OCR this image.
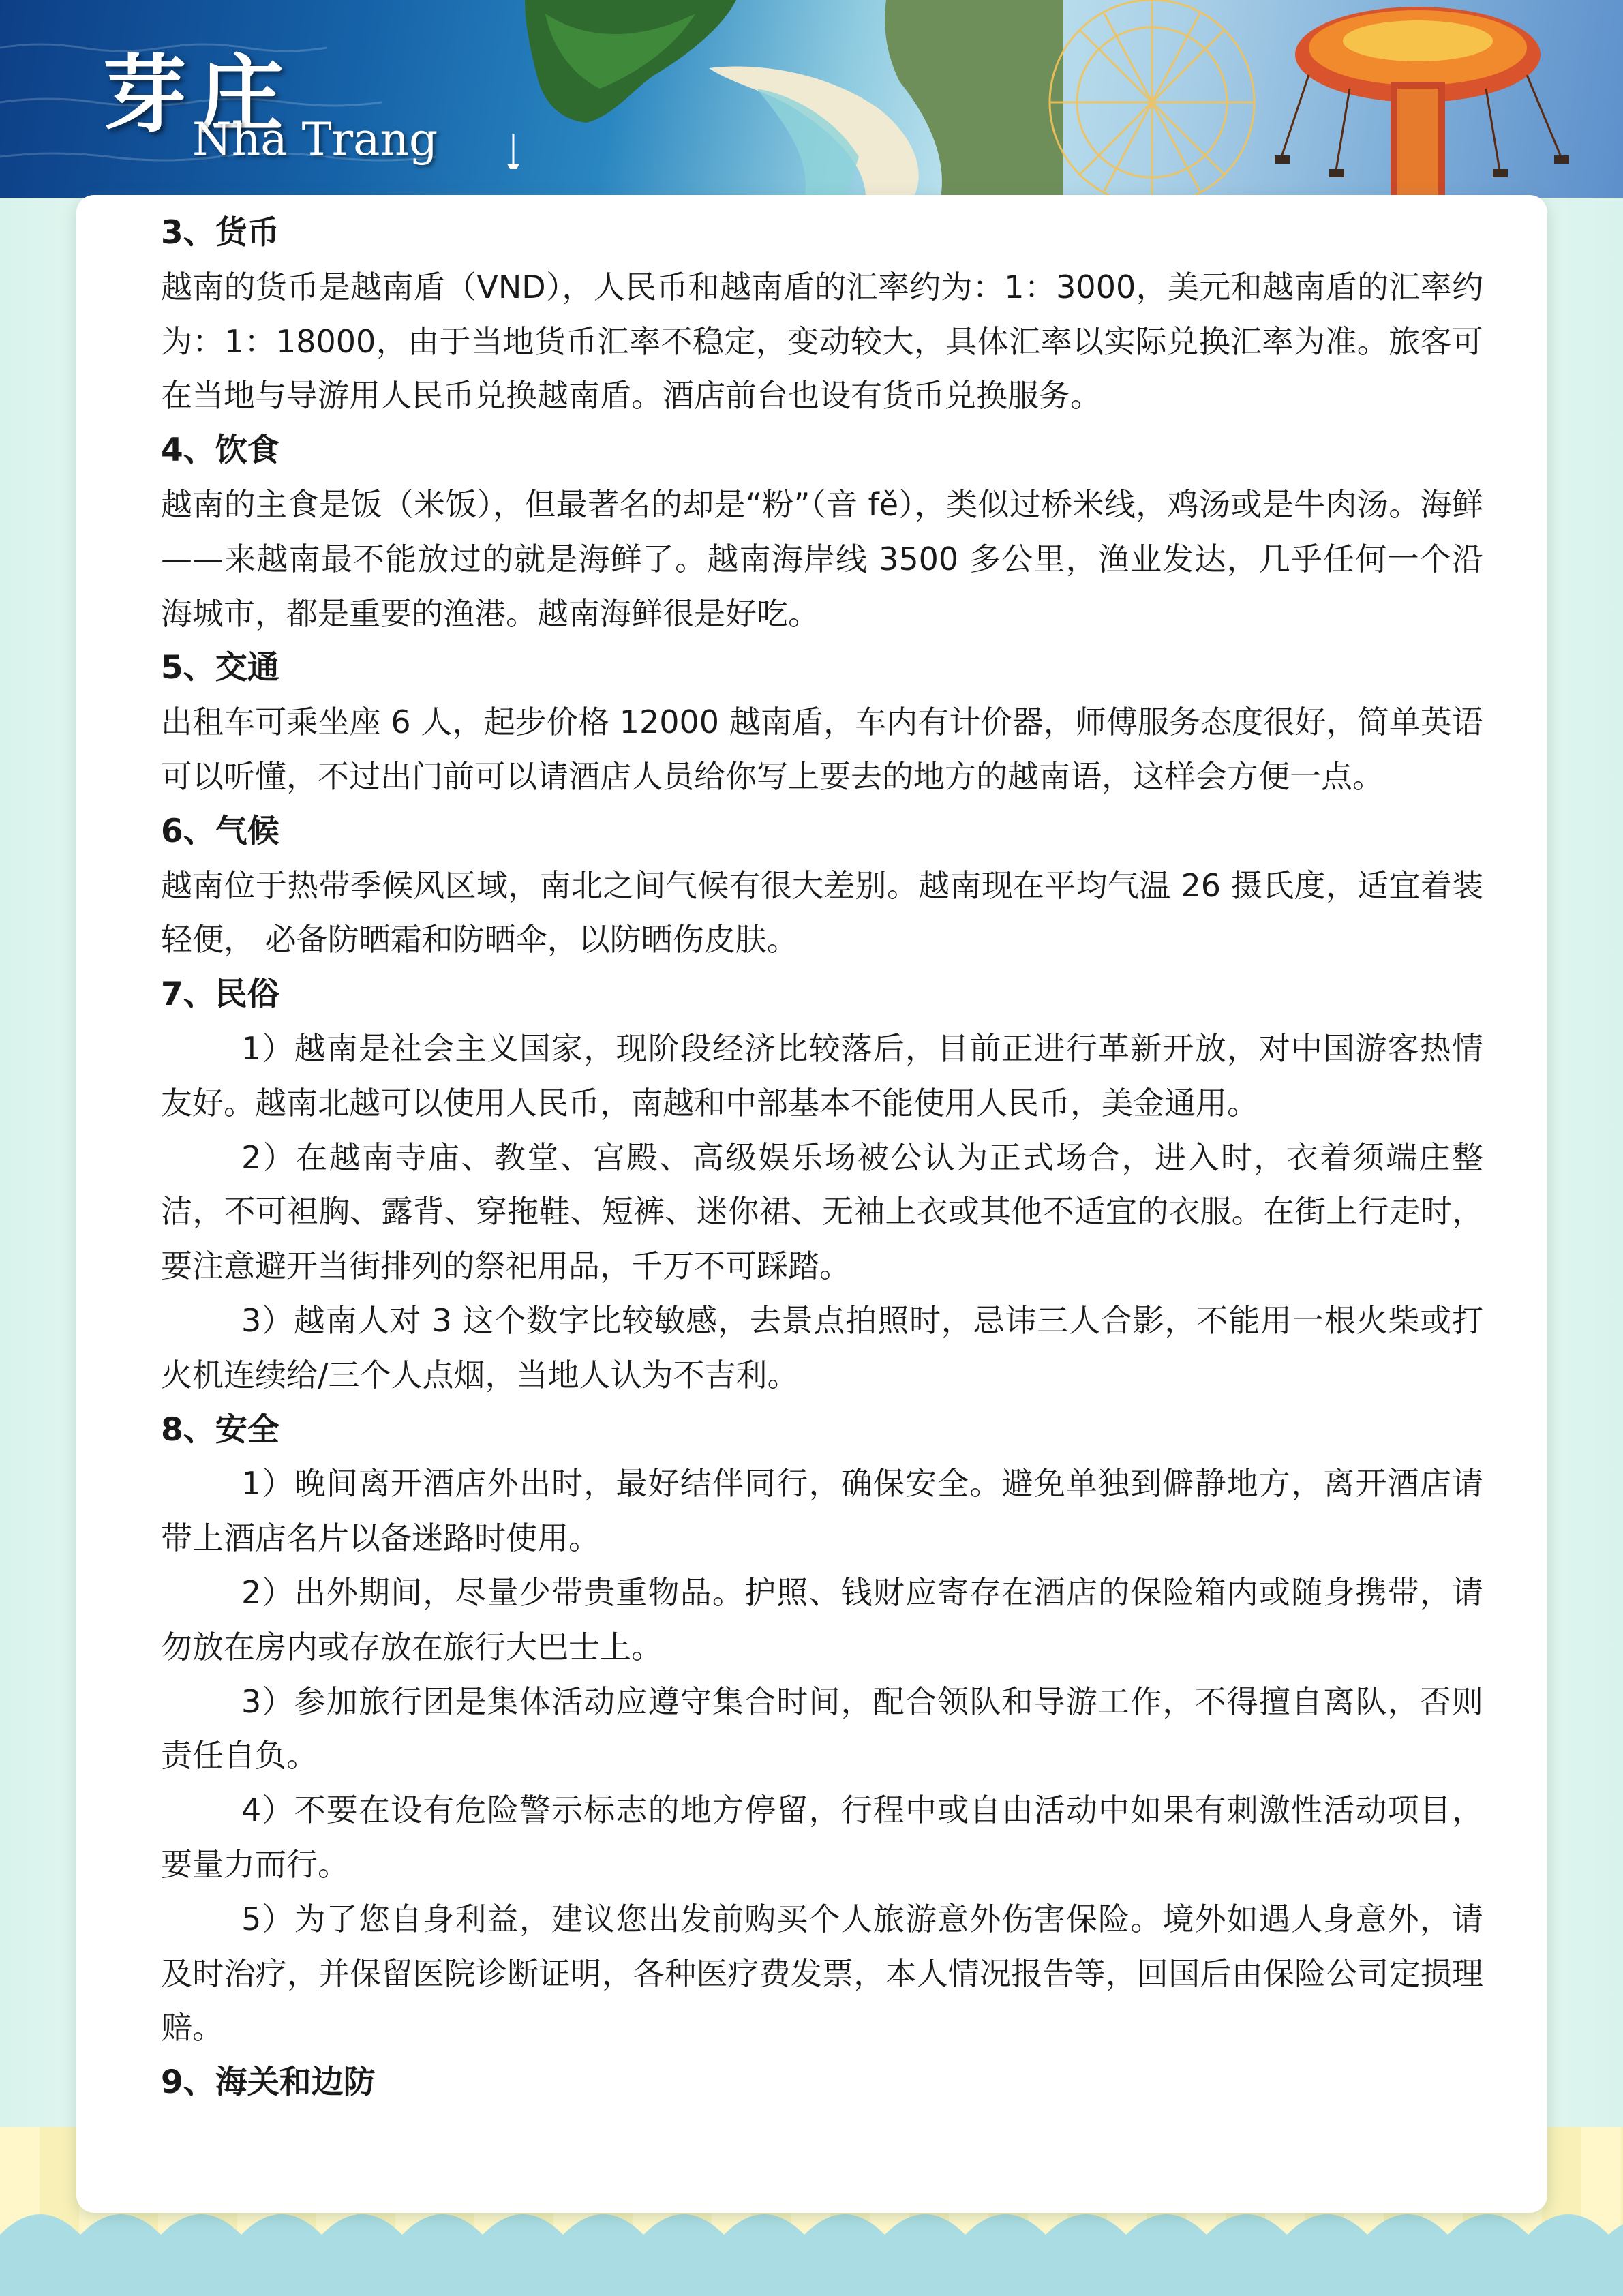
芽庄
Nha Trang

3、货币

越南的货币是越南盾（VND），人民币和越南盾的汇率约为：1：3000，美元和越南盾的汇率约为：1：18000，由于当地货币汇率不稳定，变动较大，具体汇率以实际兑换汇率为准。旅客可在当地与导游用人民币兑换越南盾。酒店前台也设有货币兑换服务。

4、饮食

越南的主食是饭（米饭），但最著名的却是“粉”（音 fě），类似过桥米线，鸡汤或是牛肉汤。海鲜——来越南最不能放过的就是海鲜了。越南海岸线 3500 多公里，渔业发达，几乎任何一个沿海城市，都是重要的渔港。越南海鲜很是好吃。

5、交通

出租车可乘坐座 6 人，起步价格 12000 越南盾，车内有计价器，师傅服务态度很好，简单英语可以听懂，不过出门前可以请酒店人员给你写上要去的地方的越南语，这样会方便一点。

6、气候

越南位于热带季候风区域，南北之间气候有很大差别。越南现在平均气温 26 摄氏度，适宜着装轻便， 必备防晒霜和防晒伞，以防晒伤皮肤。

7、民俗

1）越南是社会主义国家，现阶段经济比较落后，目前正进行革新开放，对中国游客热情友好。越南北越可以使用人民币，南越和中部基本不能使用人民币，美金通用。

2）在越南寺庙、教堂、宫殿、高级娱乐场被公认为正式场合，进入时，衣着须端庄整洁，不可袒胸、露背、穿拖鞋、短裤、迷你裙、无袖上衣或其他不适宜的衣服。在街上行走时，要注意避开当街排列的祭祀用品，千万不可踩踏。

3）越南人对 3 这个数字比较敏感，去景点拍照时，忌讳三人合影，不能用一根火柴或打火机连续给/三个人点烟，当地人认为不吉利。

8、安全

1）晚间离开酒店外出时，最好结伴同行，确保安全。避免单独到僻静地方，离开酒店请带上酒店名片以备迷路时使用。

2）出外期间，尽量少带贵重物品。护照、钱财应寄存在酒店的保险箱内或随身携带，请勿放在房内或存放在旅行大巴士上。

3）参加旅行团是集体活动应遵守集合时间，配合领队和导游工作，不得擅自离队，否则责任自负。

4）不要在设有危险警示标志的地方停留，行程中或自由活动中如果有刺激性活动项目，要量力而行。

5）为了您自身利益，建议您出发前购买个人旅游意外伤害保险。境外如遇人身意外，请及时治疗，并保留医院诊断证明，各种医疗费发票，本人情况报告等，回国后由保险公司定损理赔。

9、海关和边防
